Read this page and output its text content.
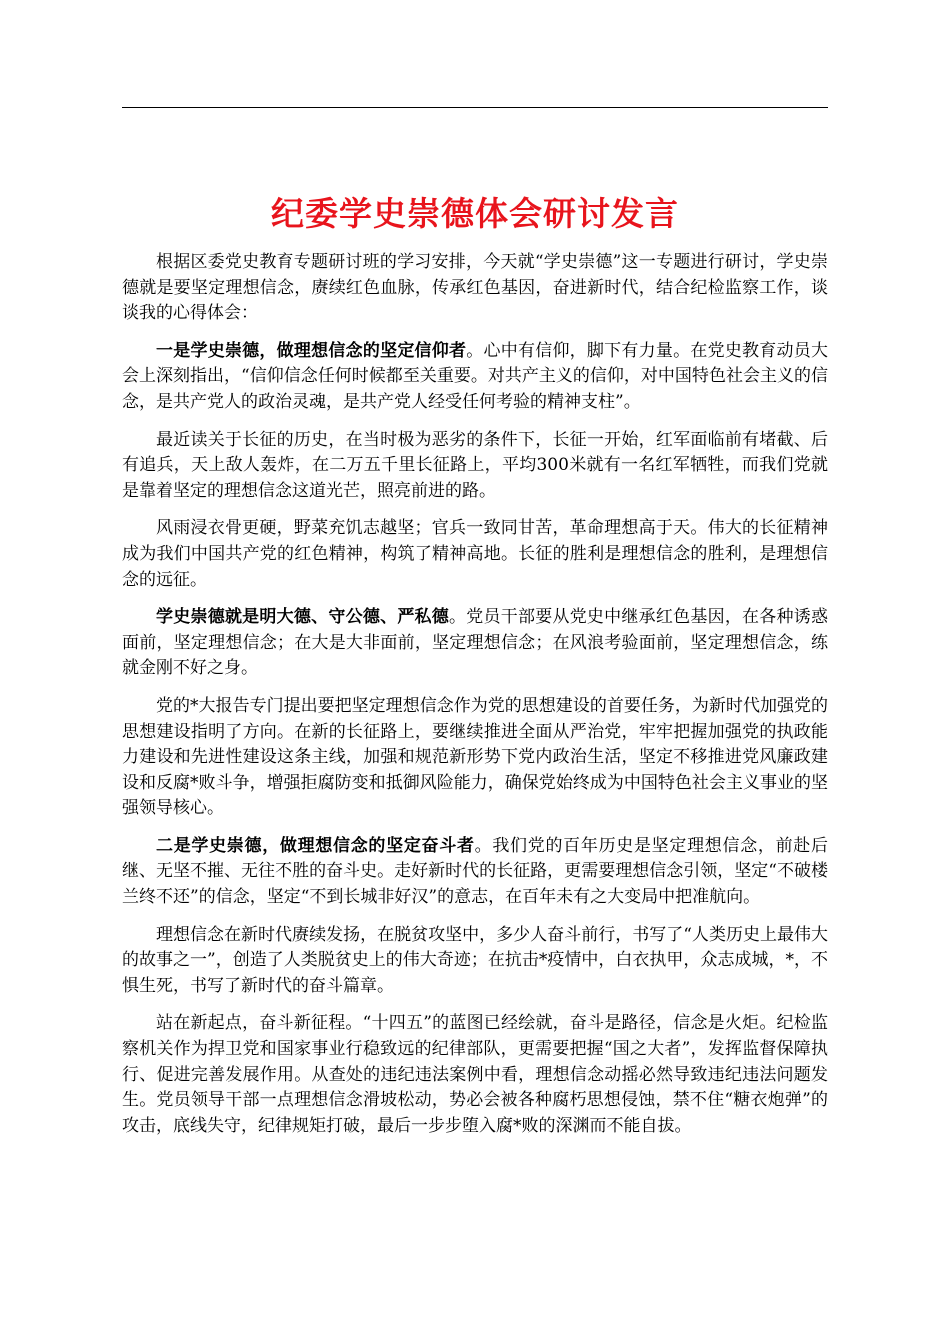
纪委学史崇德体会研讨发言

根据区委党史教育专题研讨班的学习安排，今天就“学史崇德”这一专题进行研讨，学史崇德就是要坚定理想信念，赓续红色血脉，传承红色基因，奋进新时代，结合纪检监察工作，谈谈我的心得体会：

一是学史崇德，做理想信念的坚定信仰者。心中有信仰，脚下有力量。在党史教育动员大会上深刻指出，“信仰信念任何时候都至关重要。对共产主义的信仰，对中国特色社会主义的信念，是共产党人的政治灵魂，是共产党人经受任何考验的精神支柱”。

最近读关于长征的历史，在当时极为恶劣的条件下，长征一开始，红军面临前有堵截、后有追兵，天上敌人轰炸，在二万五千里长征路上，平均300米就有一名红军牺牲，而我们党就是靠着坚定的理想信念这道光芒，照亮前进的路。

风雨浸衣骨更硬，野菜充饥志越坚；官兵一致同甘苦，革命理想高于天。伟大的长征精神成为我们中国共产党的红色精神，构筑了精神高地。长征的胜利是理想信念的胜利，是理想信念的远征。

学史崇德就是明大德、守公德、严私德。党员干部要从党史中继承红色基因，在各种诱惑面前，坚定理想信念；在大是大非面前，坚定理想信念；在风浪考验面前，坚定理想信念，练就金刚不好之身。

党的*大报告专门提出要把坚定理想信念作为党的思想建设的首要任务，为新时代加强党的思想建设指明了方向。在新的长征路上，要继续推进全面从严治党，牢牢把握加强党的执政能力建设和先进性建设这条主线，加强和规范新形势下党内政治生活，坚定不移推进党风廉政建设和反腐*败斗争，增强拒腐防变和抵御风险能力，确保党始终成为中国特色社会主义事业的坚强领导核心。

二是学史崇德，做理想信念的坚定奋斗者。我们党的百年历史是坚定理想信念，前赴后继、无坚不摧、无往不胜的奋斗史。走好新时代的长征路，更需要理想信念引领，坚定“不破楼兰终不还”的信念，坚定“不到长城非好汉”的意志，在百年未有之大变局中把准航向。

理想信念在新时代赓续发扬，在脱贫攻坚中，多少人奋斗前行，书写了“人类历史上最伟大的故事之一”，创造了人类脱贫史上的伟大奇迹；在抗击*疫情中，白衣执甲，众志成城，*，不惧生死，书写了新时代的奋斗篇章。

站在新起点，奋斗新征程。“十四五”的蓝图已经绘就，奋斗是路径，信念是火炬。纪检监察机关作为捍卫党和国家事业行稳致远的纪律部队，更需要把握“国之大者”，发挥监督保障执行、促进完善发展作用。从查处的违纪违法案例中看，理想信念动摇必然导致违纪违法问题发生。党员领导干部一点理想信念滑坡松动，势必会被各种腐朽思想侵蚀，禁不住“糖衣炮弹”的攻击，底线失守，纪律规矩打破，最后一步步堕入腐*败的深渊而不能自拔。
